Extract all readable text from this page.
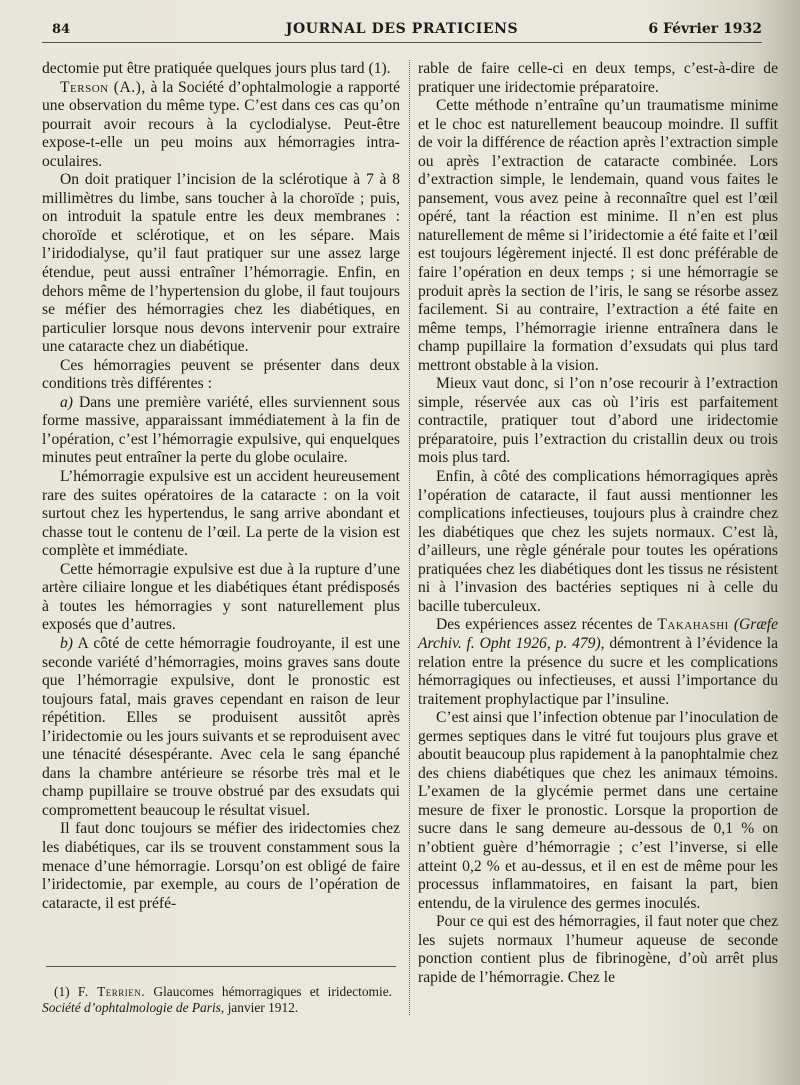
84	JOURNAL DES PRATICIENS	6 Février 1932

dectomie put être pratiquée quelques jours plus tard (1).

Terson (A.), à la Société d’ophtalmologie a rapporté une observation du même type. C’est dans ces cas qu’on pourrait avoir recours à la cyclodialyse. Peut-être expose-t-elle un peu moins aux hémorragies intra-oculaires.

On doit pratiquer l’incision de la sclérotique à 7 à 8 millimètres du limbe, sans toucher à la choroïde ; puis, on introduit la spatule entre les deux membranes : choroïde et sclérotique, et on les sépare. Mais l’iridodialyse, qu’il faut pratiquer sur une assez large étendue, peut aussi entraîner l’hémorragie. Enfin, en dehors même de l’hypertension du globe, il faut toujours se méfier des hémorragies chez les diabétiques, en particulier lorsque nous devons intervenir pour extraire une cataracte chez un diabétique.

Ces hémorragies peuvent se présenter dans deux conditions très différentes :

a) Dans une première variété, elles surviennent sous forme massive, apparaissant immédiatement à la fin de l’opération, c’est l’hémorragie expulsive, qui enquelques minutes peut entraîner la perte du globe oculaire.

L’hémorragie expulsive est un accident heureusement rare des suites opératoires de la cataracte : on la voit surtout chez les hypertendus, le sang arrive abondant et chasse tout le contenu de l’œil. La perte de la vision est complète et immédiate.

Cette hémorragie expulsive est due à la rupture d’une artère ciliaire longue et les diabétiques étant prédisposés à toutes les hémorragies y sont naturellement plus exposés que d’autres.

b) A côté de cette hémorragie foudroyante, il est une seconde variété d’hémorragies, moins graves sans doute que l’hémorragie expulsive, dont le pronostic est toujours fatal, mais graves cependant en raison de leur répétition. Elles se produisent aussitôt après l’iridectomie ou les jours suivants et se reproduisent avec une ténacité désespérante. Avec cela le sang épanché dans la chambre antérieure se résorbe très mal et le champ pupillaire se trouve obstrué par des exsudats qui compromettent beaucoup le résultat visuel.

Il faut donc toujours se méfier des iridectomies chez les diabétiques, car ils se trouvent constamment sous la menace d’une hémorragie. Lorsqu’on est obligé de faire l’iridectomie, par exemple, au cours de l’opération de cataracte, il est préfé-

rable de faire celle-ci en deux temps, c’est-à-dire de pratiquer une iridectomie préparatoire.

Cette méthode n’entraîne qu’un traumatisme minime et le choc est naturellement beaucoup moindre. Il suffit de voir la différence de réaction après l’extraction simple ou après l’extraction de cataracte combinée. Lors d’extraction simple, le lendemain, quand vous faites le pansement, vous avez peine à reconnaître quel est l’œil opéré, tant la réaction est minime. Il n’en est plus naturellement de même si l’iridectomie a été faite et l’œil est toujours légèrement injecté. Il est donc préférable de faire l’opération en deux temps ; si une hémorragie se produit après la section de l’iris, le sang se résorbe assez facilement. Si au contraire, l’extraction a été faite en même temps, l’hémorragie irienne entraînera dans le champ pupillaire la formation d’exsudats qui plus tard mettront obstable à la vision.

Mieux vaut donc, si l’on n’ose recourir à l’extraction simple, réservée aux cas où l’iris est parfaitement contractile, pratiquer tout d’abord une iridectomie préparatoire, puis l’extraction du cristallin deux ou trois mois plus tard.

Enfin, à côté des complications hémorragiques après l’opération de cataracte, il faut aussi mentionner les complications infectieuses, toujours plus à craindre chez les diabétiques que chez les sujets normaux. C’est là, d’ailleurs, une règle générale pour toutes les opérations pratiquées chez les diabétiques dont les tissus ne résistent ni à l’invasion des bactéries septiques ni à celle du bacille tuberculeux.

Des expériences assez récentes de Takahashi (Græfe Archiv. f. Opht 1926, p. 479), démontrent à l’évidence la relation entre la présence du sucre et les complications hémorragiques ou infectieuses, et aussi l’importance du traitement prophylactique par l’insuline.

C’est ainsi que l’infection obtenue par l’inoculation de germes septiques dans le vitré fut toujours plus grave et aboutit beaucoup plus rapidement à la panophtalmie chez des chiens diabétiques que chez les animaux témoins. L’examen de la glycémie permet dans une certaine mesure de fixer le pronostic. Lorsque la proportion de sucre dans le sang demeure au-dessous de 0,1 % on n’obtient guère d’hémorragie ; c’est l’inverse, si elle atteint 0,2 % et au-dessus, et il en est de même pour les processus inflammatoires, en faisant la part, bien entendu, de la virulence des germes inoculés.

Pour ce qui est des hémorragies, il faut noter que chez les sujets normaux l’humeur aqueuse de seconde ponction contient plus de fibrinogène, d’où arrêt plus rapide de l’hémorragie. Chez le

(1) F. Terrien. Glaucomes hémorragiques et iridectomie. Société d’ophtalmologie de Paris, janvier 1912.
